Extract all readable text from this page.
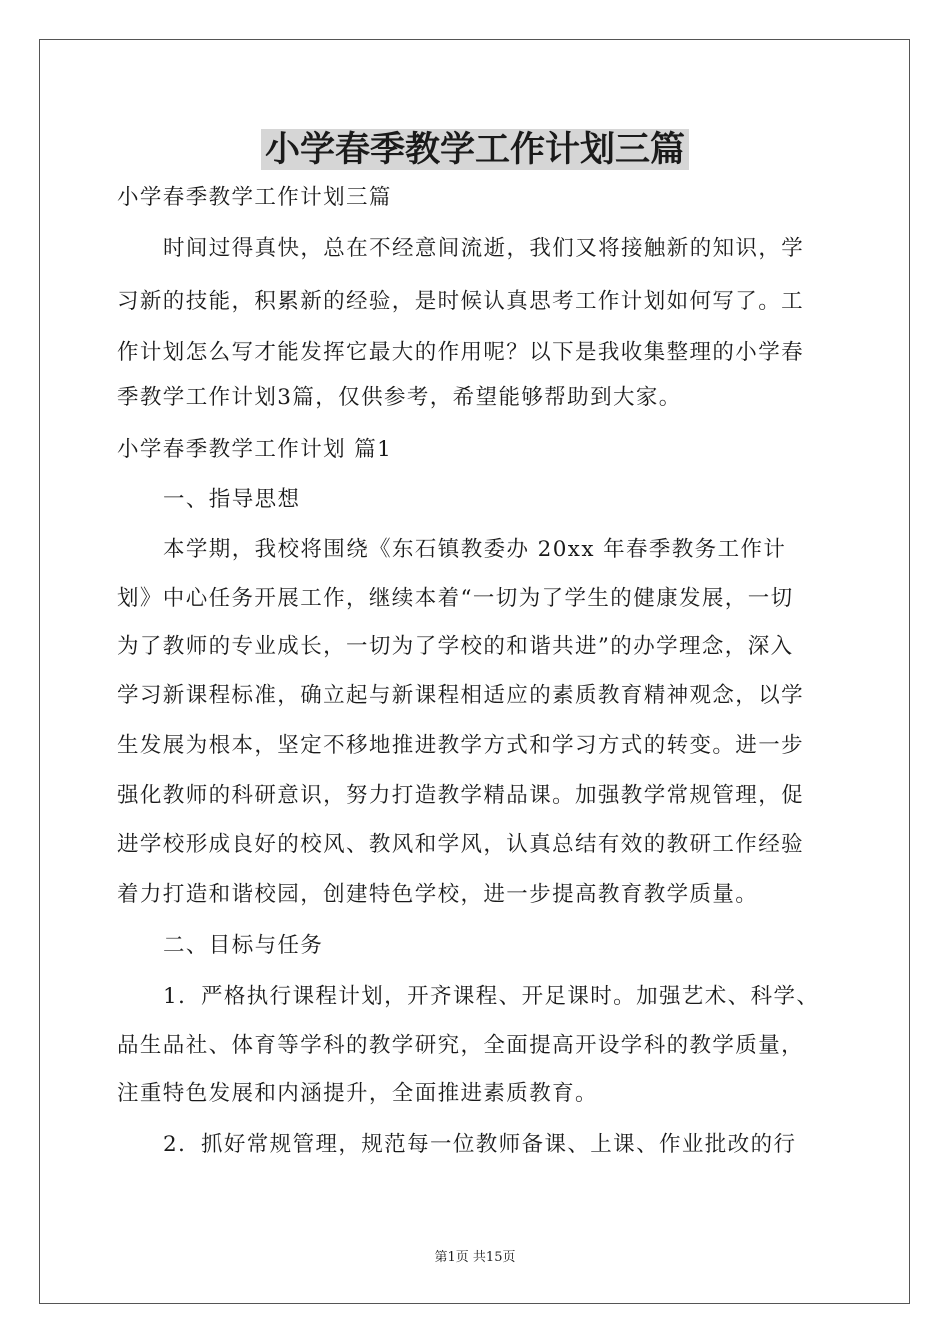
小学春季教学工作计划三篇

小学春季教学工作计划三篇

时间过得真快，总在不经意间流逝，我们又将接触新的知识，学

习新的技能，积累新的经验，是时候认真思考工作计划如何写了。工

作计划怎么写才能发挥它最大的作用呢？以下是我收集整理的小学春

季教学工作计划3篇，仅供参考，希望能够帮助到大家。

小学春季教学工作计划 篇1

一、指导思想

本学期，我校将围绕《东石镇教委办 20xx 年春季教务工作计

划》中心任务开展工作，继续本着“一切为了学生的健康发展，一切

为了教师的专业成长，一切为了学校的和谐共进”的办学理念，深入

学习新课程标准，确立起与新课程相适应的素质教育精神观念，以学

生发展为根本，坚定不移地推进教学方式和学习方式的转变。进一步

强化教师的科研意识，努力打造教学精品课。加强教学常规管理，促

进学校形成良好的校风、教风和学风，认真总结有效的教研工作经验

着力打造和谐校园，创建特色学校，进一步提高教育教学质量。

二、目标与任务

1．严格执行课程计划，开齐课程、开足课时。加强艺术、科学、

品生品社、体育等学科的教学研究，全面提高开设学科的教学质量，

注重特色发展和内涵提升，全面推进素质教育。

2．抓好常规管理，规范每一位教师备课、上课、作业批改的行

第1页 共15页
